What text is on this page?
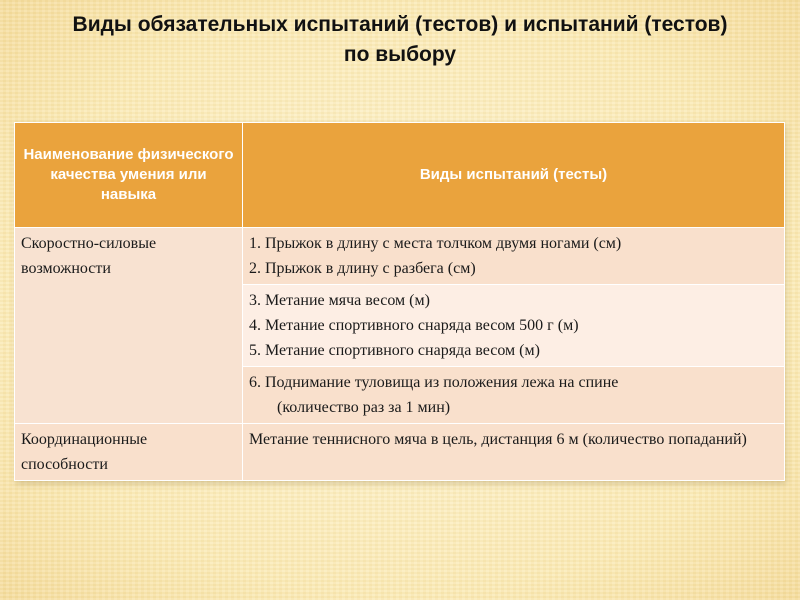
Виды обязательных испытаний (тестов) и испытаний (тестов)
по выбору
Наименование физического качества умения или навыка	Виды испытаний (тесты)
Скоростно-силовые возможности	1. Прыжок в длину с места толчком двумя ногами (см)
2. Прыжок в длину с разбега (см)

	3. Метание мяча весом (м)
4. Метание спортивного снаряда весом 500 г (м)
5. Метание спортивного снаряда весом (м)

	6. Поднимание туловища из положения лежа на спине
(количество раз за 1 мин)

Координационные способности	Метание теннисного мяча в цель, дистанция 6 м (количество попаданий)
